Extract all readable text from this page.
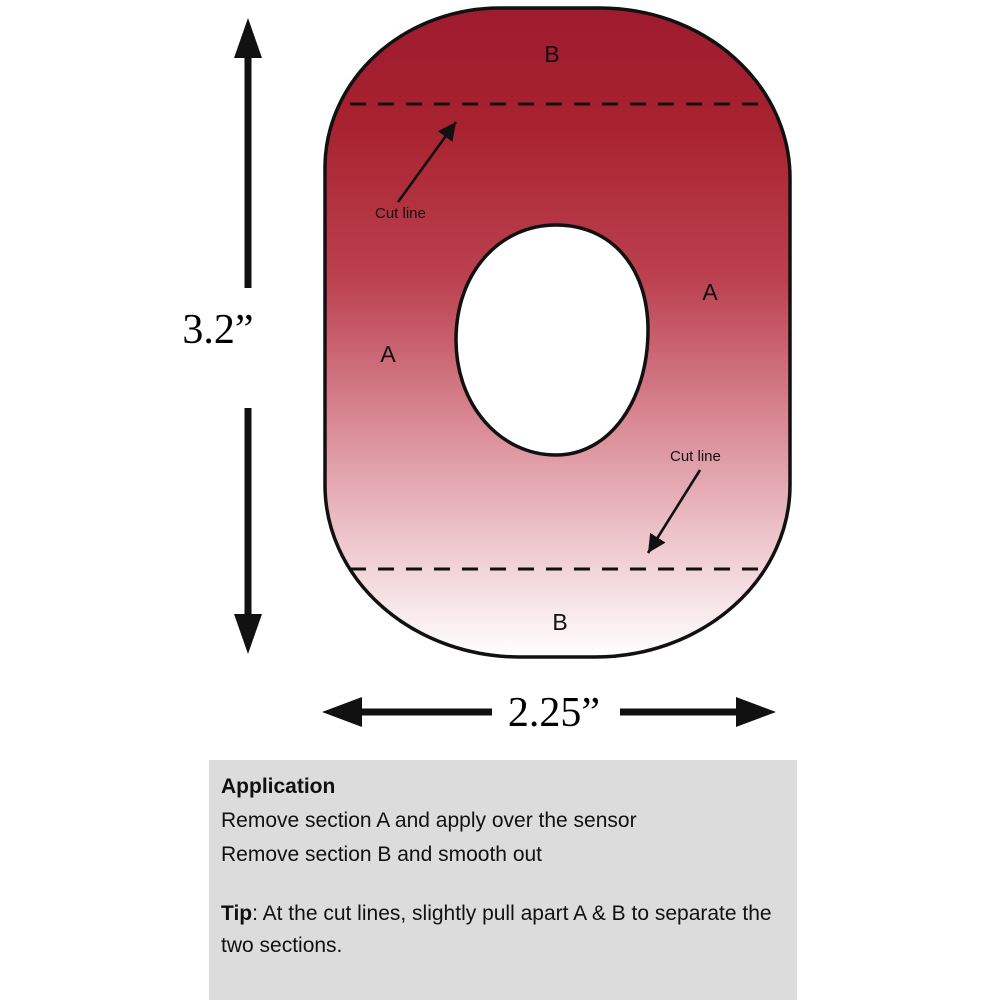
Cut line
Cut line
B
A
A
B
3.2”
2.25”
Application
Remove section A and apply over the sensor
Remove section B and smooth out
Tip: At the cut lines, slightly pull apart A & B to separate the two sections.
